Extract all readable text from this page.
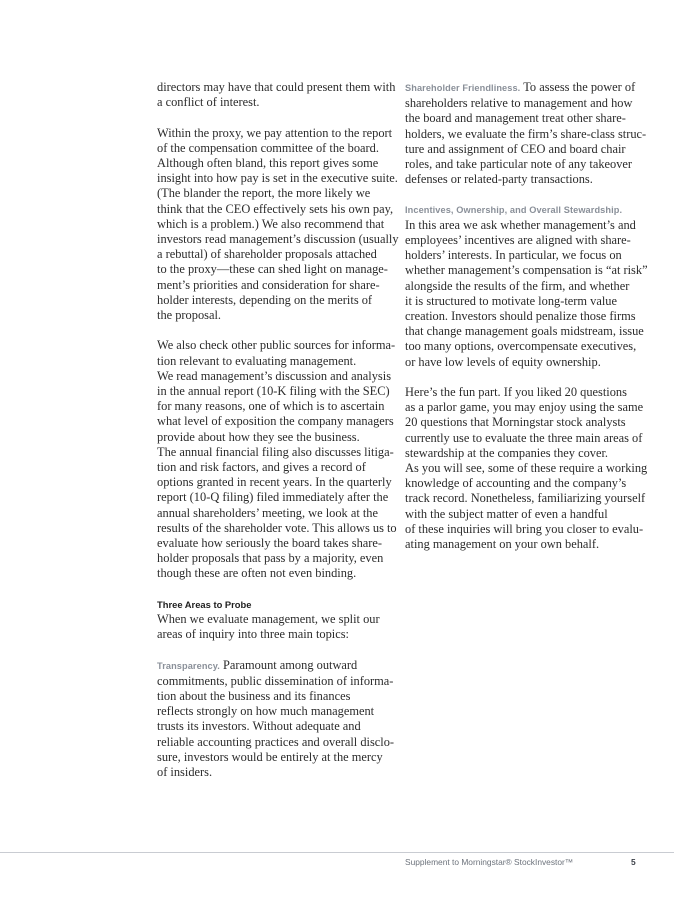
directors may have that could present them with
a conflict of interest.
Within the proxy, we pay attention to the report
of the compensation committee of the board.
Although often bland, this report gives some
insight into how pay is set in the executive suite.
(The blander the report, the more likely we
think that the CEO effectively sets his own pay,
which is a problem.) We also recommend that
investors read management’s discussion (usually
a rebuttal) of shareholder proposals attached
to the proxy—these can shed light on manage-
ment’s priorities and consideration for share-
holder interests, depending on the merits of
the proposal.
We also check other public sources for informa-
tion relevant to evaluating management.
We read management’s discussion and analysis
in the annual report (10-K filing with the SEC)
for many reasons, one of which is to ascertain
what level of exposition the company managers
provide about how they see the business.
The annual financial filing also discusses litiga-
tion and risk factors, and gives a record of
options granted in recent years. In the quarterly
report (10-Q filing) filed immediately after the
annual shareholders’ meeting, we look at the
results of the shareholder vote. This allows us to
evaluate how seriously the board takes share-
holder proposals that pass by a majority, even
though these are often not even binding.
Three Areas to Probe
When we evaluate management, we split our
areas of inquiry into three main topics:
Transparency. Paramount among outward
commitments, public dissemination of informa-
tion about the business and its finances
reflects strongly on how much management
trusts its investors. Without adequate and
reliable accounting practices and overall disclo-
sure, investors would be entirely at the mercy
of insiders.
Shareholder Friendliness. To assess the power of
shareholders relative to management and how
the board and management treat other share-
holders, we evaluate the firm’s share-class struc-
ture and assignment of CEO and board chair
roles, and take particular note of any takeover
defenses or related-party transactions.
Incentives, Ownership, and Overall Stewardship.
In this area we ask whether management’s and
employees’ incentives are aligned with share-
holders’ interests. In particular, we focus on
whether management’s compensation is “at risk”
alongside the results of the firm, and whether
it is structured to motivate long-term value
creation. Investors should penalize those firms
that change management goals midstream, issue
too many options, overcompensate executives,
or have low levels of equity ownership.
Here’s the fun part. If you liked 20 questions
as a parlor game, you may enjoy using the same
20 questions that Morningstar stock analysts
currently use to evaluate the three main areas of
stewardship at the companies they cover.
As you will see, some of these require a working
knowledge of accounting and the company’s
track record. Nonetheless, familiarizing yourself
with the subject matter of even a handful
of these inquiries will bring you closer to evalu-
ating management on your own behalf.
Supplement to Morningstar® StockInvestor™	5
